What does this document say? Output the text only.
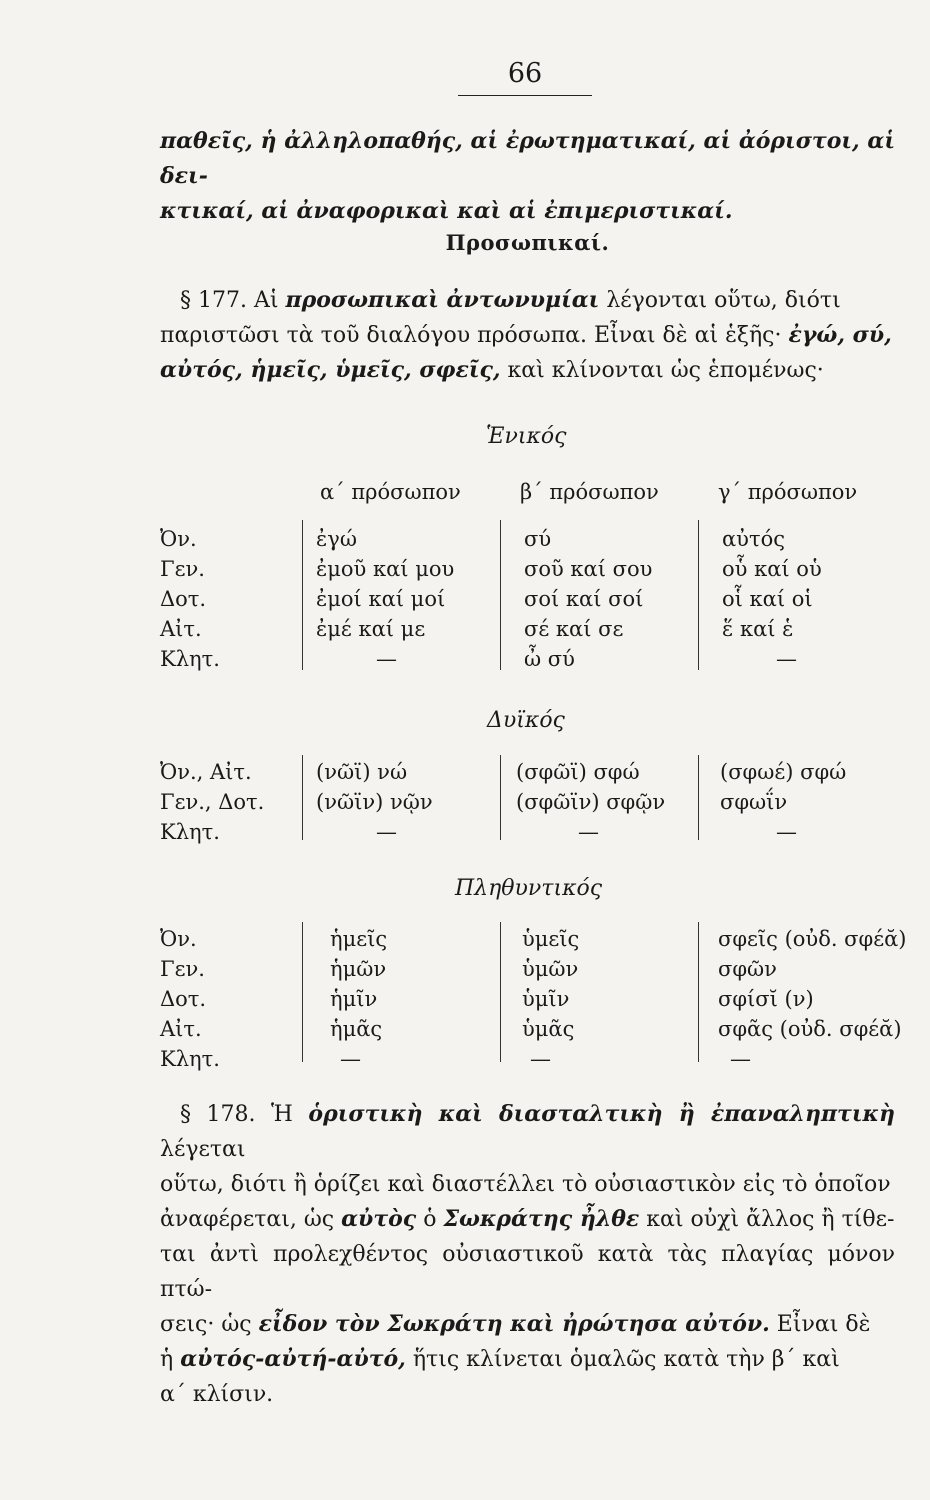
66

παθεῖς, ἡ ἀλληλοπαθής, αἱ ἐρωτηματικαί, αἱ ἀόριστοι, αἱ δει-

κτικαί, αἱ ἀναφορικαὶ καὶ αἱ ἐπιμεριστικαί.

Προσωπικαί.

§ 177. Αἱ προσωπικαὶ ἀντωνυμίαι λέγονται οὕτω, διότι

παριστῶσι τὰ τοῦ διαλόγου πρόσωπα. Εἶναι δὲ αἱ ἑξῆς· ἐγώ, σύ,

αὐτός, ἡμεῖς, ὑμεῖς, σφεῖς, καὶ κλίνονται ὡς ἑπομένως·

Ἑνικός
α΄ πρόσωπον	β΄ πρόσωπον	γ΄ πρόσωπον
Ὀν.
Γεν.
Δοτ.
Αἰτ.
Κλητ.
ἐγώ
ἐμοῦ καί μου
ἐμοί καί μοί
ἐμέ καί με
—
σύ
σοῦ καί σου
σοί καί σοί
σέ καί σε
ὦ σύ
αὐτός
οὗ καί οὑ
οἷ καί οἱ
ἕ καί ἑ
—
Δυϊκός
Ὀν., Αἰτ.
Γεν., Δοτ.
Κλητ.
(νῶϊ) νώ
(νῶϊν) νῷν
—
(σφῶϊ) σφώ
(σφῶϊν) σφῷν
—
(σφωέ) σφώ
σφωΐν
—
Πληθυντικός
Ὀν.
Γεν.
Δοτ.
Αἰτ.
Κλητ.
ἡμεῖς
ἡμῶν
ἡμῖν
ἡμᾶς
—
ὑμεῖς
ὑμῶν
ὑμῖν
ὑμᾶς
—
σφεῖς (οὐδ. σφέᾰ)
σφῶν
σφίσῐ (ν)
σφᾶς (οὐδ. σφέᾰ)
—

§ 178. Ἡ ὁριστικὴ καὶ διασταλτικὴ ἢ ἐπαναληπτικὴ λέγεται

οὕτω, διότι ἢ ὁρίζει καὶ διαστέλλει τὸ οὐσιαστικὸν εἰς τὸ ὁποῖον

ἀναφέρεται, ὡς αὐτὸς ὁ Σωκράτης ἦλθε καὶ οὐχὶ ἄλλος ἢ τίθε-

ται ἀντὶ προλεχθέντος οὐσιαστικοῦ κατὰ τὰς πλαγίας μόνον πτώ-

σεις· ὡς εἶδον τὸν Σωκράτη καὶ ἠρώτησα αὐτόν. Εἶναι δὲ

ἡ αὐτός-αὐτή-αὐτό, ἥτις κλίνεται ὁμαλῶς κατὰ τὴν β΄ καὶ

α΄ κλίσιν.
